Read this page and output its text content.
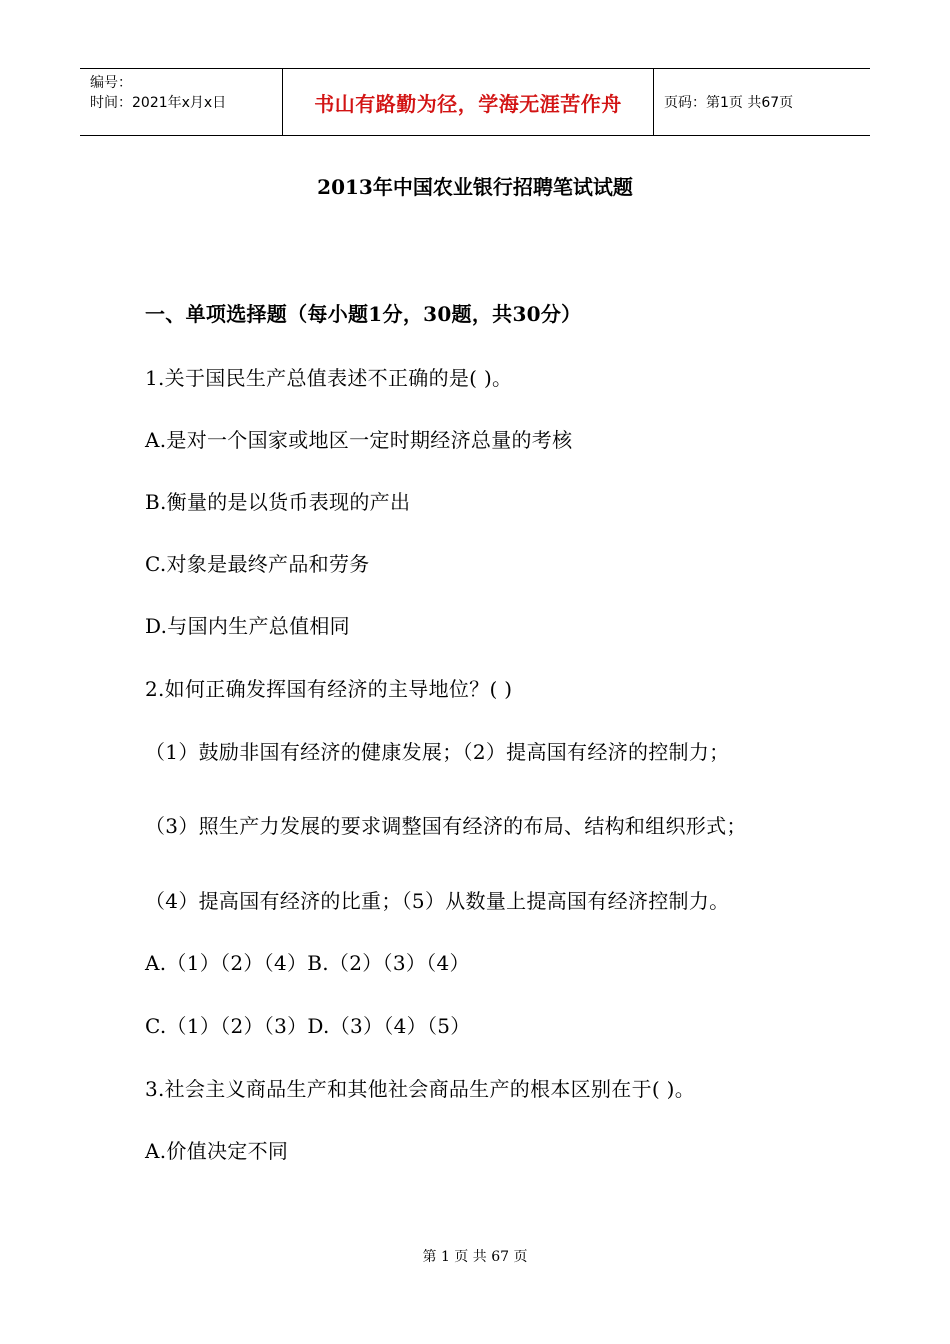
编号：
时间：2021年x月x日	书山有路勤为径，学海无涯苦作舟	页码：第1页 共67页
2013年中国农业银行招聘笔试试题
一、单项选择题（每小题1分，30题，共30分）
1.关于国民生产总值表述不正确的是( )。
A.是对一个国家或地区一定时期经济总量的考核
B.衡量的是以货币表现的产出
C.对象是最终产品和劳务
D.与国内生产总值相同
2.如何正确发挥国有经济的主导地位？( )
（1）鼓励非国有经济的健康发展；（2）提高国有经济的控制力；
（3）照生产力发展的要求调整国有经济的布局、结构和组织形式；
（4）提高国有经济的比重；（5）从数量上提高国有经济控制力。
A.（1）（2）（4）B.（2）（3）（4）
C.（1）（2）（3）D.（3）（4）（5）
3.社会主义商品生产和其他社会商品生产的根本区别在于( )。
A.价值决定不同
第 1 页 共 67 页
